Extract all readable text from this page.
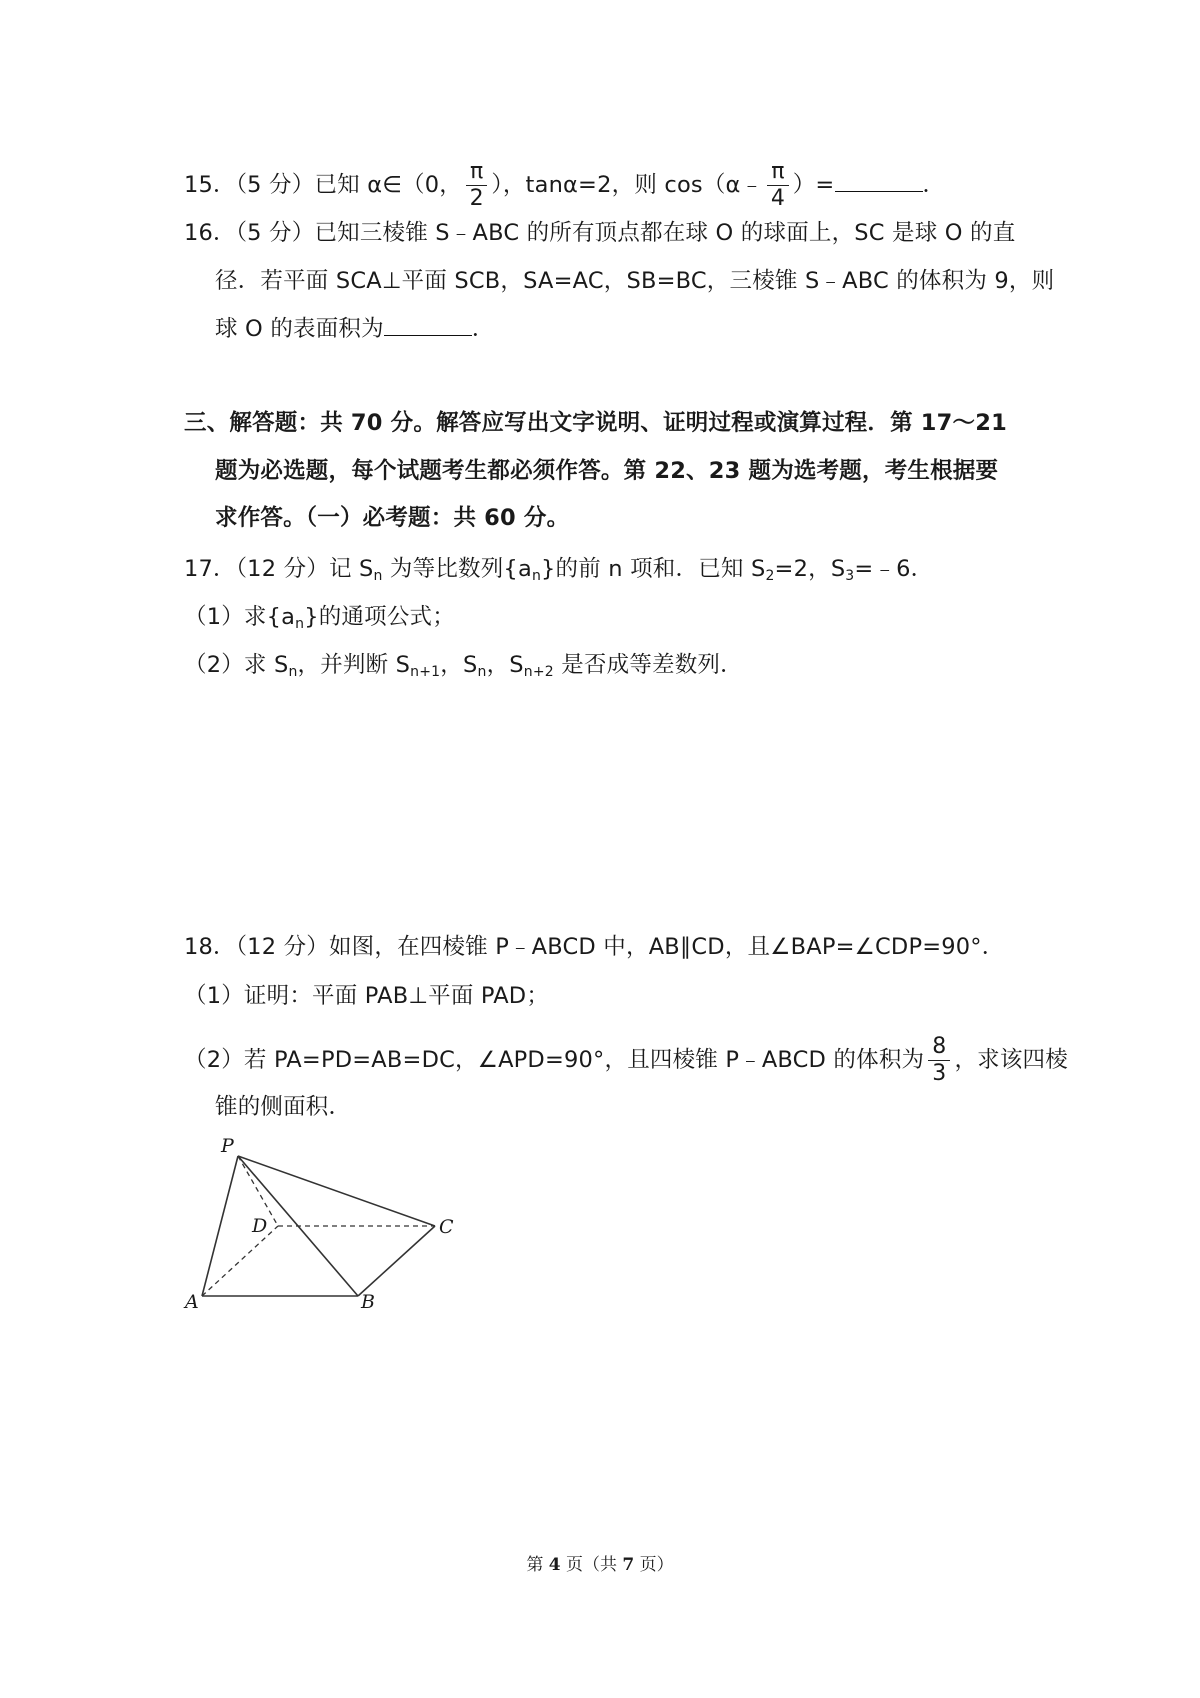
15．（5 分）已知 α∈（0， $\frac{\pi}{2}$ ），tanα=2，则 cos（α﹣ $\frac{\pi}{4}$ ）=	．
16．（5 分）已知三棱锥 S﹣ABC 的所有顶点都在球 O 的球面上，SC 是球 O 的直
径．若平面 SCA⊥平面 SCB，SA=AC，SB=BC，三棱锥 S﹣ABC 的体积为 9，则
球 O 的表面积为	．
三、解答题：共 70 分。解答应写出文字说明、证明过程或演算过程．第 17～21
题为必选题，每个试题考生都必须作答。第 22、23 题为选考题，考生根据要
求作答。（一）必考题：共 60 分。
17．（12 分）记 $S_n$ 为等比数列$\{a_n\}$的前 n 项和．已知 $S_2=2$，$S_3=﹣6$．
（1）求$\{a_n\}$的通项公式；
（2）求 $S_n$，并判断 $S_{n+1}$，$S_n$，$S_{n+2}$ 是否成等差数列．
18．（12 分）如图，在四棱锥 P﹣ABCD 中，AB∥CD，且∠BAP=∠CDP=90°．
（1）证明：平面 PAB⊥平面 PAD；
（2）若 PA=PD=AB=DC，∠APD=90°，且四棱锥 P﹣ABCD 的体积为 $\frac{8}{3}$ ，求该四棱
锥的侧面积．
P
D	C
A	B
第 4 页（共 7 页）
